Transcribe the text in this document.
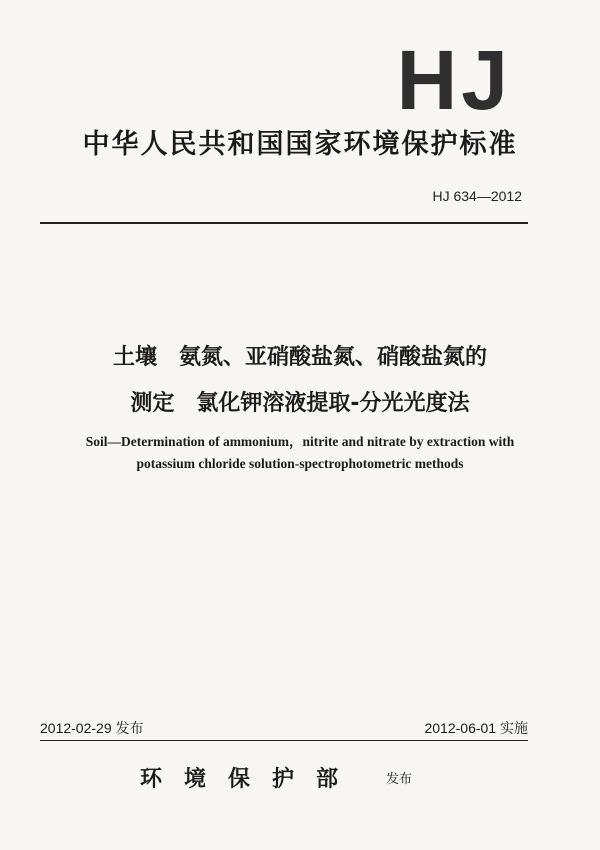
HJ
中华人民共和国国家环境保护标准
HJ 634—2012
土壤　氨氮、亚硝酸盐氮、硝酸盐氮的
测定　氯化钾溶液提取-分光光度法
Soil—Determination of ammonium，nitrite and nitrate by extraction with
potassium chloride solution-spectrophotometric methods
2012-02-29 发布	2012-06-01 实施
环境保护部 发布
